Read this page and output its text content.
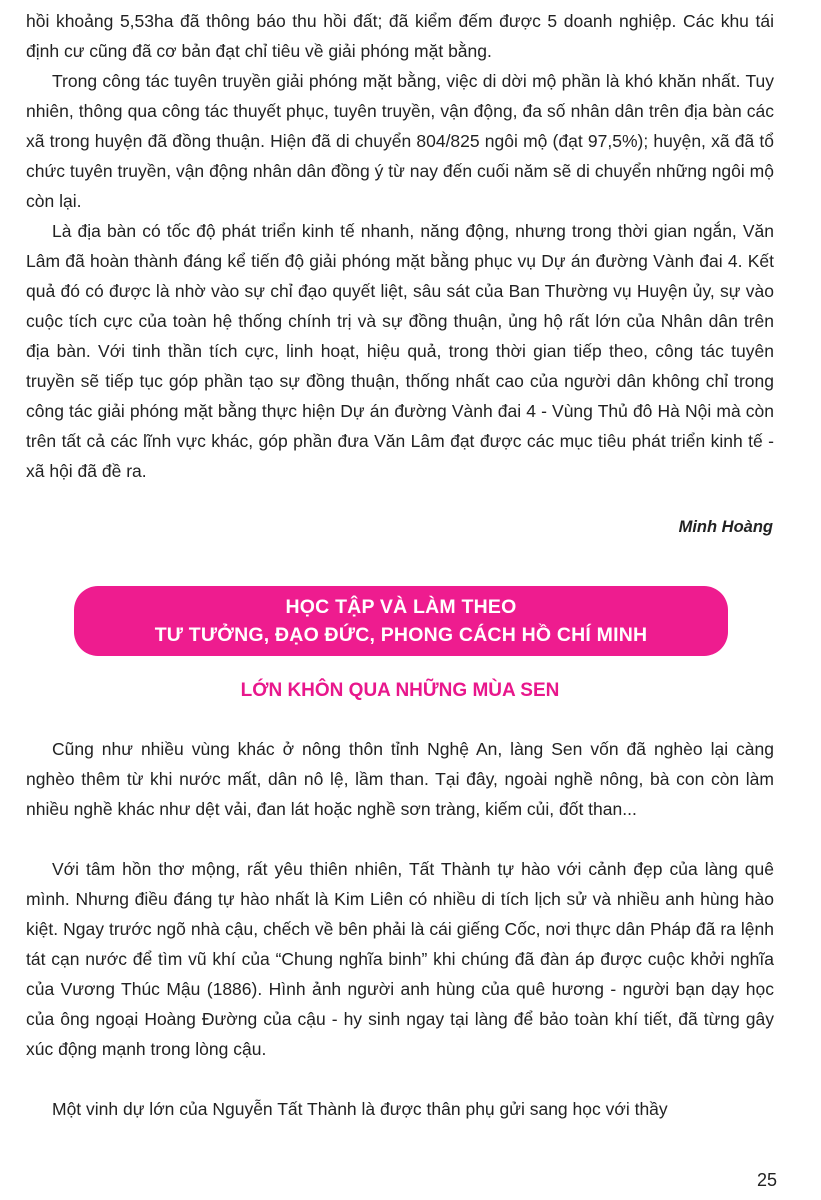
hồi khoảng 5,53ha đã thông báo thu hồi đất; đã kiểm đếm được 5 doanh nghiệp. Các khu tái định cư cũng đã cơ bản đạt chỉ tiêu về giải phóng mặt bằng.

Trong công tác tuyên truyền giải phóng mặt bằng, việc di dời mộ phần là khó khăn nhất. Tuy nhiên, thông qua công tác thuyết phục, tuyên truyền, vận động, đa số nhân dân trên địa bàn các xã trong huyện đã đồng thuận. Hiện đã di chuyển 804/825 ngôi mộ (đạt 97,5%); huyện, xã đã tổ chức tuyên truyền, vận động nhân dân đồng ý từ nay đến cuối năm sẽ di chuyển những ngôi mộ còn lại.

Là địa bàn có tốc độ phát triển kinh tế nhanh, năng động, nhưng trong thời gian ngắn, Văn Lâm đã hoàn thành đáng kể tiến độ giải phóng mặt bằng phục vụ Dự án đường Vành đai 4. Kết quả đó có được là nhờ vào sự chỉ đạo quyết liệt, sâu sát của Ban Thường vụ Huyện ủy, sự vào cuộc tích cực của toàn hệ thống chính trị và sự đồng thuận, ủng hộ rất lớn của Nhân dân trên địa bàn. Với tinh thần tích cực, linh hoạt, hiệu quả, trong thời gian tiếp theo, công tác tuyên truyền sẽ tiếp tục góp phần tạo sự đồng thuận, thống nhất cao của người dân không chỉ trong công tác giải phóng mặt bằng thực hiện Dự án đường Vành đai 4 - Vùng Thủ đô Hà Nội mà còn trên tất cả các lĩnh vực khác, góp phần đưa Văn Lâm đạt được các mục tiêu phát triển kinh tế - xã hội đã đề ra.

Minh Hoàng
HỌC TẬP VÀ LÀM THEO
TƯ TƯỞNG, ĐẠO ĐỨC, PHONG CÁCH HỒ CHÍ MINH
LỚN KHÔN QUA NHỮNG MÙA SEN

Cũng như nhiều vùng khác ở nông thôn tỉnh Nghệ An, làng Sen vốn đã nghèo lại càng nghèo thêm từ khi nước mất, dân nô lệ, lầm than. Tại đây, ngoài nghề nông, bà con còn làm nhiều nghề khác như dệt vải, đan lát hoặc nghề sơn tràng, kiếm củi, đốt than...

Với tâm hồn thơ mộng, rất yêu thiên nhiên, Tất Thành tự hào với cảnh đẹp của làng quê mình. Nhưng điều đáng tự hào nhất là Kim Liên có nhiều di tích lịch sử và nhiều anh hùng hào kiệt. Ngay trước ngõ nhà cậu, chếch về bên phải là cái giếng Cốc, nơi thực dân Pháp đã ra lệnh tát cạn nước để tìm vũ khí của “Chung nghĩa binh” khi chúng đã đàn áp được cuộc khởi nghĩa của Vương Thúc Mậu (1886). Hình ảnh người anh hùng của quê hương - người bạn dạy học của ông ngoại Hoàng Đường của cậu - hy sinh ngay tại làng để bảo toàn khí tiết, đã từng gây xúc động mạnh trong lòng cậu.

Một vinh dự lớn của Nguyễn Tất Thành là được thân phụ gửi sang học với thầy

25
